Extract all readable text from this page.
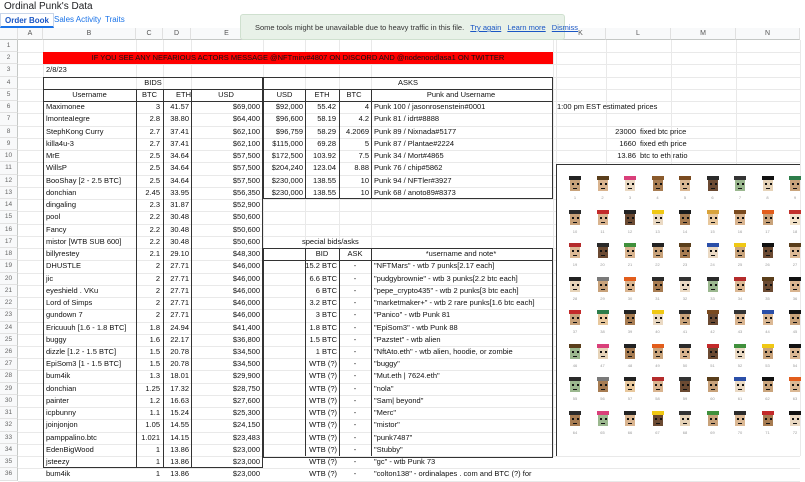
Ordinal Punk's Data
Order Book Sales Activity Traits
Some tools might be unavailable due to heavy traffic in this file. Try again Learn more Dismiss
A	B	C	D	E	K	L	M	N
1
2
3
4
5
6
7
8
9
10
11
12
13
14
15
16
17
18
19
20
21
22
23
24
25
26
27
28
29
30
31
32
33
34
35
36
IF YOU SEE ANY NEFARIOUS ACTORS MESSAGE @NFTmirv#4807 ON DISCORD AND @nodenoodlasa1 ON TWITTER
2/8/23
BIDS
Username	BTC	ETH	USD
Maximonee	3	41.57	$69,000
lmonteaIegre	2.8	38.80	$64,400
StephKong Curry	2.7	37.41	$62,100
killa4u-3	2.7	37.41	$62,100
MrE	2.5	34.64	$57,500
WillsP	2.5	34.64	$57,500
BooShay [2 - 2.5 BTC]	2.5	34.64	$57,500
donchian	2.45	33.95	$56,350
dingaling	2.3	31.87	$52,900
pool	2.2	30.48	$50,600
Fancy	2.2	30.48	$50,600
mistor [WTB SUB 600]	2.2	30.48	$50,600
billyrestey	2.1	29.10	$48,300
DHUSTLE	2	27.71	$46,000
jic	2	27.71	$46,000
eyeshield . VKu	2	27.71	$46,000
Lord of Simps	2	27.71	$46,000
gundown 7	2	27.71	$46,000
Ericuuuh [1.6 - 1.8 BTC]	1.8	24.94	$41,400
buggy	1.6	22.17	$36,800
dizzle [1.2 - 1.5 BTC]	1.5	20.78	$34,500
EpiSom3 [1 - 1.5 BTC]	1.5	20.78	$34,500
bum4ik	1.3	18.01	$29,900
donchian	1.25	17.32	$28,750
painter	1.2	16.63	$27,600
icpbunny	1.1	15.24	$25,300
joinjonjon	1.05	14.55	$24,150
pamppalino.btc	1.021	14.15	$23,483
EdenBigWood	1	13.86	$23,000
jsteezy	1	13.86	$23,000
bum4ik	1	13.86	$23,000
ASKS
USD	ETH	BTC	Punk and Username
$92,000	55.42	4 Punk 100 / jasonrosenstein#0001
$96,600	58.19	4.2 Punk 81 / idrt#8888
$96,759	58.29	4.2069 Punk 89 / Nixnada#5177
$115,000	69.28	5 Punk 87 / Plantae#2224
$172,500	103.92	7.5 Punk 34 / Mort#4865
$204,240	123.04	8.88 Punk 76 / chip#5862
$230,000	138.55	10 Punk 94 / NFTler#3927
$230,000	138.55	10 Punk 68 / anoto89#8373
special bids/asks
BID	ASK	*username and note*
15.2 BTC	-	"NFTMars" - wtb 7 punks[2.17 each]
6.6 BTC	-	"pudgybrownie" - wtb 3 punks[2.2 btc each]
6 BTC	-	"pepe_crypto435" - wtb 2 punks[3 btc each]
3.2 BTC	-	"marketmaker+" - wtb 2 rare punks[1.6 btc each]
3 BTC	-	"Panico" - wtb Punk 81
1.8 BTC	-	"EpiSom3" - wtb Punk 88
1.5 BTC	-	"Pazstet" - wtb alien
1 BTC	-	"NftAto.eth" - wtb alien, hoodie, or zombie
WTB (?)	-	"buggy"
WTB (?)	-	"Mut.eth | 7624.eth"
WTB (?)	-	"nola"
WTB (?)	-	"Sam| beyond"
WTB (?)	-	"Merc"
WTB (?)	-	"mistor"
WTB (?)	-	"punk7487"
WTB (?)	-	"Stubby"
WTB (?)	-	"gc" - wtb Punk 73
WTB (?)	-	"colton138" - ordinalapes . com and BTC (?) for
1:00 pm EST estimated prices
23000 fixed btc price
1660 fixed eth price
13.86 btc to eth ratio
1	2	3	4	5	6	7	8	9
10	11	12	13	14	15	16	17	18
19	20	21	22	23	24	25	26	27
28	29	30	31	32	33	34	35	36
37	38	39	40	41	42	43	44	45
46	47	48	49	50	51	52	53	54
55	56	57	58	59	60	61	62	63
64	65	66	67	68	69	70	71	72
